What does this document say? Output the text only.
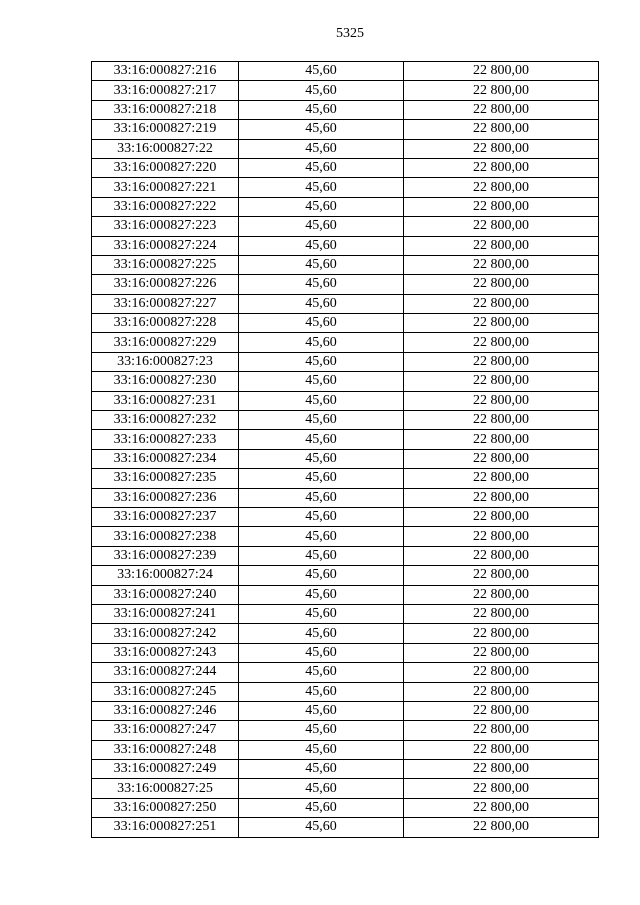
5325
33:16:000827:216	45,60	22 800,00
33:16:000827:217	45,60	22 800,00
33:16:000827:218	45,60	22 800,00
33:16:000827:219	45,60	22 800,00
33:16:000827:22	45,60	22 800,00
33:16:000827:220	45,60	22 800,00
33:16:000827:221	45,60	22 800,00
33:16:000827:222	45,60	22 800,00
33:16:000827:223	45,60	22 800,00
33:16:000827:224	45,60	22 800,00
33:16:000827:225	45,60	22 800,00
33:16:000827:226	45,60	22 800,00
33:16:000827:227	45,60	22 800,00
33:16:000827:228	45,60	22 800,00
33:16:000827:229	45,60	22 800,00
33:16:000827:23	45,60	22 800,00
33:16:000827:230	45,60	22 800,00
33:16:000827:231	45,60	22 800,00
33:16:000827:232	45,60	22 800,00
33:16:000827:233	45,60	22 800,00
33:16:000827:234	45,60	22 800,00
33:16:000827:235	45,60	22 800,00
33:16:000827:236	45,60	22 800,00
33:16:000827:237	45,60	22 800,00
33:16:000827:238	45,60	22 800,00
33:16:000827:239	45,60	22 800,00
33:16:000827:24	45,60	22 800,00
33:16:000827:240	45,60	22 800,00
33:16:000827:241	45,60	22 800,00
33:16:000827:242	45,60	22 800,00
33:16:000827:243	45,60	22 800,00
33:16:000827:244	45,60	22 800,00
33:16:000827:245	45,60	22 800,00
33:16:000827:246	45,60	22 800,00
33:16:000827:247	45,60	22 800,00
33:16:000827:248	45,60	22 800,00
33:16:000827:249	45,60	22 800,00
33:16:000827:25	45,60	22 800,00
33:16:000827:250	45,60	22 800,00
33:16:000827:251	45,60	22 800,00
